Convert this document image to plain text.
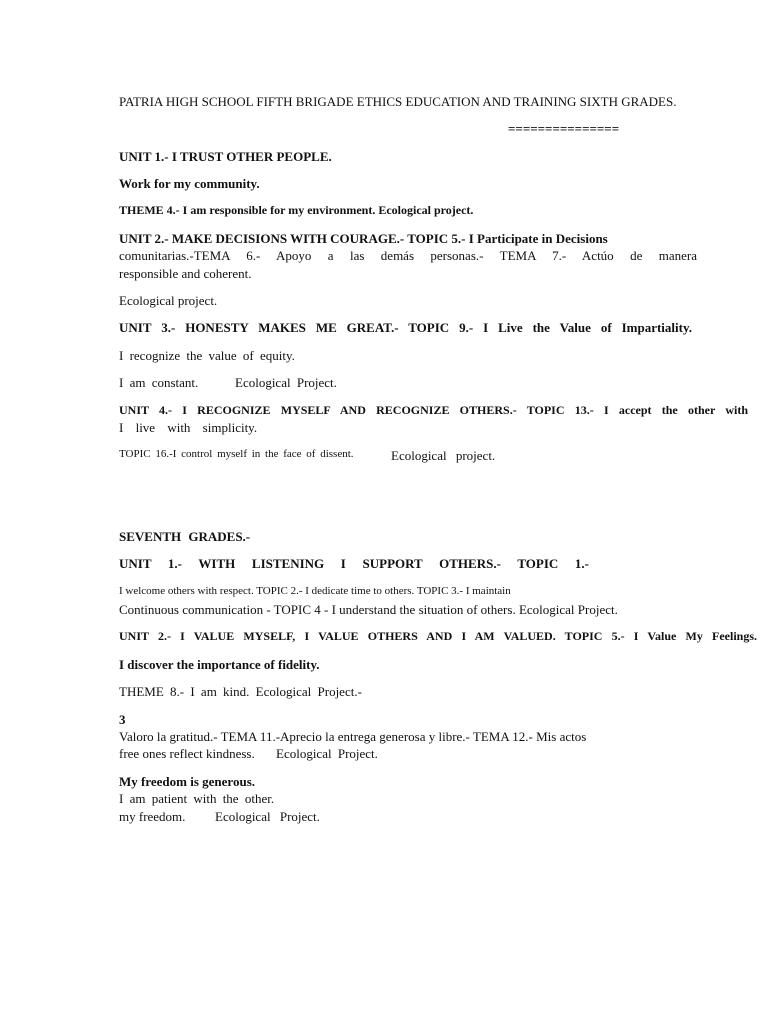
PATRIA HIGH SCHOOL FIFTH BRIGADE ETHICS EDUCATION AND TRAINING SIXTH GRADES.
===============
UNIT 1.- I TRUST OTHER PEOPLE.
Work for my community.
THEME 4.- I am responsible for my environment. Ecological project.
UNIT 2.- MAKE DECISIONS WITH COURAGE.- TOPIC 5.- I Participate in Decisions
comunitarias.-TEMA 6.- Apoyo a las demás personas.- TEMA 7.- Actúo de manera
responsible and coherent.
Ecological project.
UNIT 3.- HONESTY MAKES ME GREAT.- TOPIC 9.- I Live the Value of Impartiality.
I recognize the value of equity.
I am constant.	Ecological Project.
UNIT 4.- I RECOGNIZE MYSELF AND RECOGNIZE OTHERS.- TOPIC 13.- I accept the other with
I live with simplicity.
TOPIC 16.-I control myself in the face of dissent.	Ecological project.
SEVENTH GRADES.-
UNIT 1.- WITH LISTENING I SUPPORT OTHERS.- TOPIC 1.-
I welcome others with respect. TOPIC 2.- I dedicate time to others. TOPIC 3.- I maintain
Continuous communication - TOPIC 4 - I understand the situation of others. Ecological Project.
UNIT 2.- I VALUE MYSELF, I VALUE OTHERS AND I AM VALUED. TOPIC 5.- I Value My Feelings.
I discover the importance of fidelity.
THEME 8.- I am kind. Ecological Project.-
3
Valoro la gratitud.- TEMA 11.-Aprecio la entrega generosa y libre.- TEMA 12.- Mis actos
free ones reflect kindness. Ecological Project.
My freedom is generous.
I am patient with the other.
my freedom. Ecological Project.
